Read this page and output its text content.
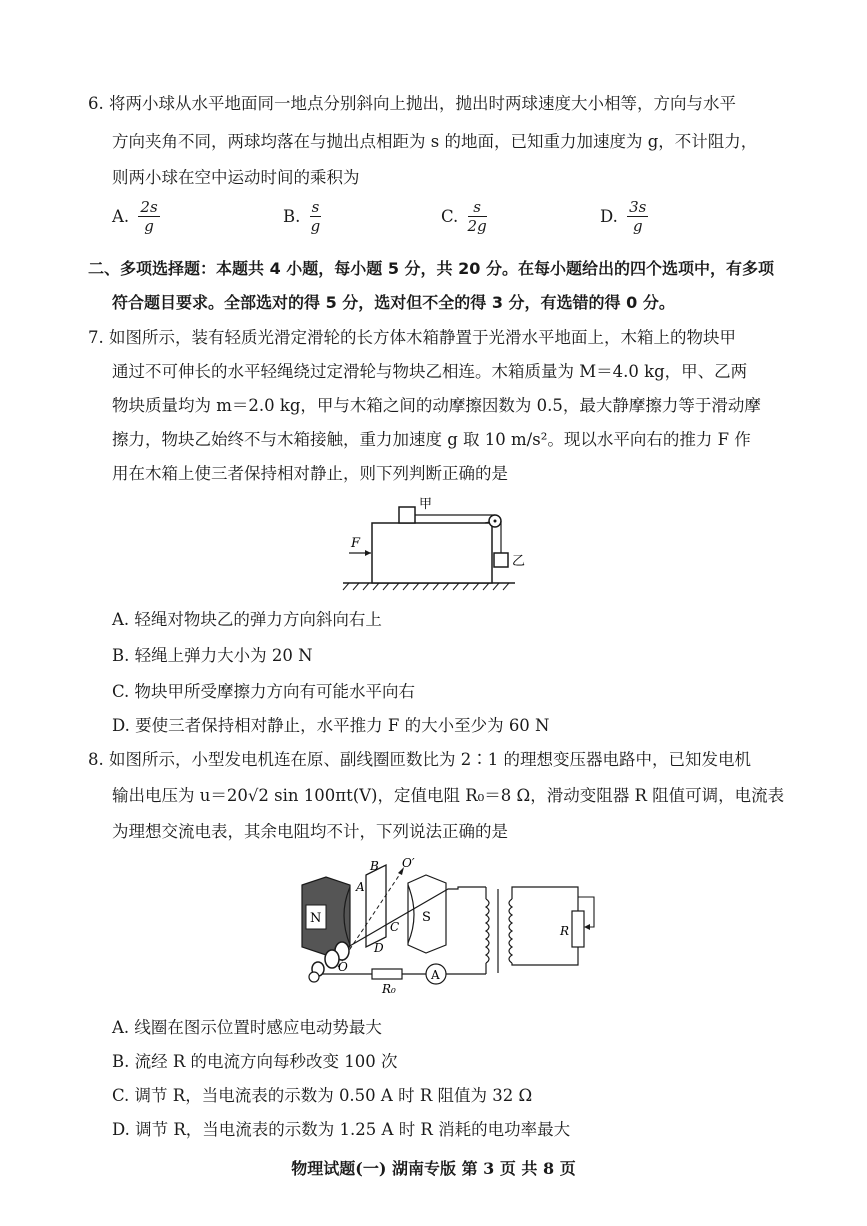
6. 将两小球从水平地面同一地点分别斜向上抛出，抛出时两球速度大小相等，方向与水平
方向夹角不同，两球均落在与抛出点相距为 s 的地面，已知重力加速度为 g，不计阻力，
则两小球在空中运动时间的乘积为
A. $\frac{2s}{g}$	B. $\frac{s}{g}$	C. $\frac{s}{2g}$	D. $\frac{3s}{g}$
二、多项选择题：本题共 4 小题，每小题 5 分，共 20 分。在每小题给出的四个选项中，有多项
符合题目要求。全部选对的得 5 分，选对但不全的得 3 分，有选错的得 0 分。
7. 如图所示，装有轻质光滑定滑轮的长方体木箱静置于光滑水平地面上，木箱上的物块甲
通过不可伸长的水平轻绳绕过定滑轮与物块乙相连。木箱质量为 M＝4.0 kg，甲、乙两
物块质量均为 m＝2.0 kg，甲与木箱之间的动摩擦因数为 0.5，最大静摩擦力等于滑动摩
擦力，物块乙始终不与木箱接触，重力加速度 g 取 10 m/s²。现以水平向右的推力 F 作
用在木箱上使三者保持相对静止，则下列判断正确的是
甲
乙
F
A. 轻绳对物块乙的弹力方向斜向右上
B. 轻绳上弹力大小为 20 N
C. 物块甲所受摩擦力方向有可能水平向右
D. 要使三者保持相对静止，水平推力 F 的大小至少为 60 N
8. 如图所示，小型发电机连在原、副线圈匝数比为 2∶1 的理想变压器电路中，已知发电机
输出电压为 u＝20√2 sin 100πt(V)，定值电阻 R₀＝8 Ω，滑动变阻器 R 阻值可调，电流表
为理想交流电表，其余电阻均不计，下列说法正确的是
N
B
A
C
D
O′
S
O
R₀
A
R
A. 线圈在图示位置时感应电动势最大
B. 流经 R 的电流方向每秒改变 100 次
C. 调节 R，当电流表的示数为 0.50 A 时 R 阻值为 32 Ω
D. 调节 R，当电流表的示数为 1.25 A 时 R 消耗的电功率最大
物理试题(一) 湖南专版 第 3 页 共 8 页
